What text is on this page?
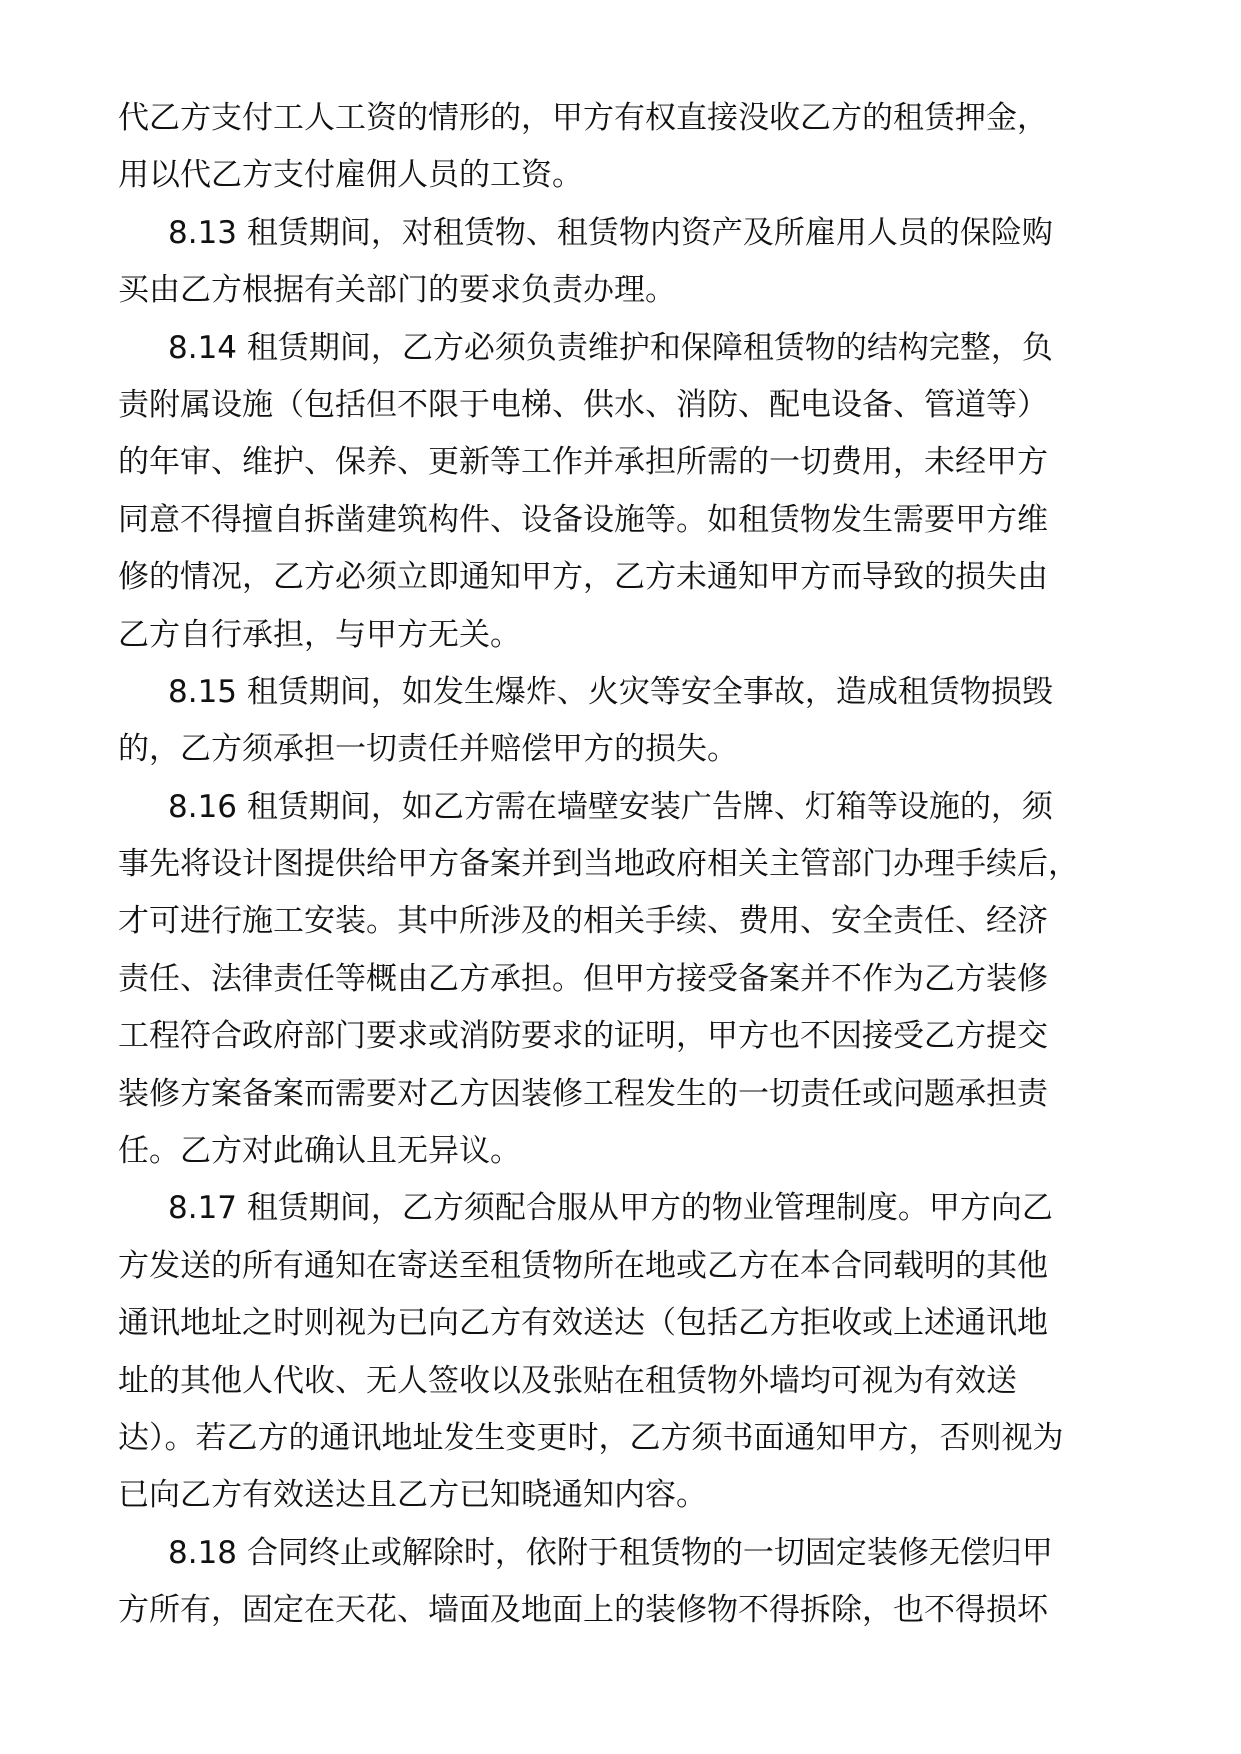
代乙方支付工人工资的情形的，甲方有权直接没收乙方的租赁押金，
用以代乙方支付雇佣人员的工资。
8.13 租赁期间，对租赁物、租赁物内资产及所雇用人员的保险购
买由乙方根据有关部门的要求负责办理。
8.14 租赁期间，乙方必须负责维护和保障租赁物的结构完整，负
责附属设施（包括但不限于电梯、供水、消防、配电设备、管道等）
的年审、维护、保养、更新等工作并承担所需的一切费用，未经甲方
同意不得擅自拆凿建筑构件、设备设施等。如租赁物发生需要甲方维
修的情况，乙方必须立即通知甲方，乙方未通知甲方而导致的损失由
乙方自行承担，与甲方无关。
8.15 租赁期间，如发生爆炸、火灾等安全事故，造成租赁物损毁
的，乙方须承担一切责任并赔偿甲方的损失。
8.16 租赁期间，如乙方需在墙壁安装广告牌、灯箱等设施的，须
事先将设计图提供给甲方备案并到当地政府相关主管部门办理手续后，
才可进行施工安装。其中所涉及的相关手续、费用、安全责任、经济
责任、法律责任等概由乙方承担。但甲方接受备案并不作为乙方装修
工程符合政府部门要求或消防要求的证明，甲方也不因接受乙方提交
装修方案备案而需要对乙方因装修工程发生的一切责任或问题承担责
任。乙方对此确认且无异议。
8.17 租赁期间，乙方须配合服从甲方的物业管理制度。甲方向乙
方发送的所有通知在寄送至租赁物所在地或乙方在本合同载明的其他
通讯地址之时则视为已向乙方有效送达（包括乙方拒收或上述通讯地
址的其他人代收、无人签收以及张贴在租赁物外墙均可视为有效送
达）。若乙方的通讯地址发生变更时，乙方须书面通知甲方，否则视为
已向乙方有效送达且乙方已知晓通知内容。
8.18 合同终止或解除时，依附于租赁物的一切固定装修无偿归甲
方所有，固定在天花、墙面及地面上的装修物不得拆除，也不得损坏
